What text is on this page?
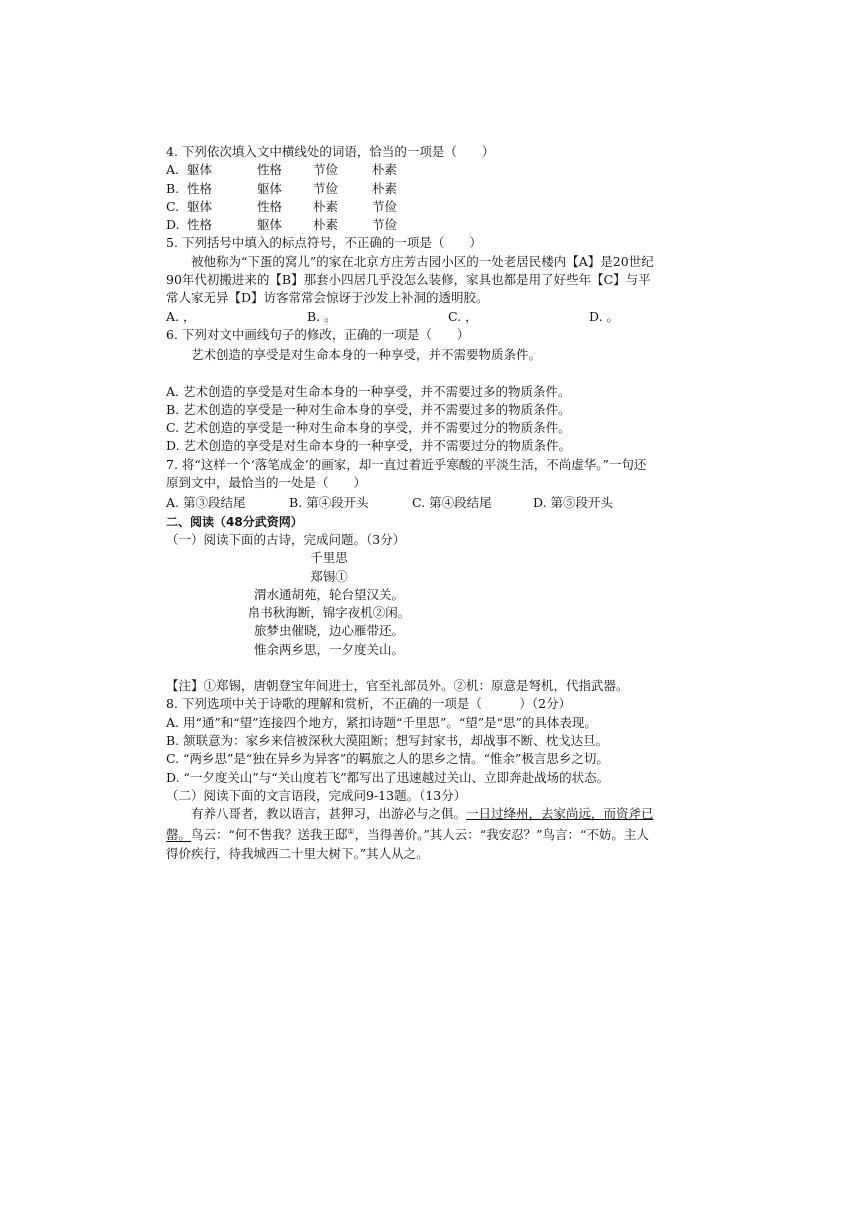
4. 下列依次填入文中横线处的词语，恰当的一项是（　　）
A. 躯体	性格	节俭	朴素
B. 性格	躯体	节俭	朴素
C. 躯体	性格	朴素	节俭
D. 性格	躯体	朴素	节俭
5. 下列括号中填入的标点符号，不正确的一项是（　　）
被他称为“下蛋的窝儿”的家在北京方庄芳古园小区的一处老居民楼内【A】是20世纪90年代初搬进来的【B】那套小四居几乎没怎么装修，家具也都是用了好些年【C】与平常人家无异【D】访客常常会惊讶于沙发上补洞的透明胶。
A. ，	B. 。	C. ，	D. 。
6. 下列对文中画线句子的修改，正确的一项是（　　）
艺术创造的享受是对生命本身的一种享受，并不需要物质条件。
A. 艺术创造的享受是对生命本身的一种享受，并不需要过多的物质条件。
B. 艺术创造的享受是一种对生命本身的享受，并不需要过多的物质条件。
C. 艺术创造的享受是一种对生命本身的享受，并不需要过分的物质条件。
D. 艺术创造的享受是对生命本身的一种享受，并不需要过分的物质条件。
7. 将“这样一个‘落笔成金’的画家，却一直过着近乎寒酸的平淡生活，不尚虚华。”一句还原到文中，最恰当的一处是（　　）
A. 第③段结尾	B. 第④段开头	C. 第④段结尾	D. 第⑤段开头
二、阅读（48分武资网）
（一）阅读下面的古诗，完成问题。（3分）
千里思
郑锡①
渭水通胡苑，轮台望汉关。
帛书秋海断，锦字夜机②闲。
旅梦虫催晓，边心雁带还。
惟余两乡思，一夕度关山。
【注】①郑锡，唐朝登宝年间进士，官至礼部员外。②机：原意是弩机，代指武器。
8. 下列选项中关于诗歌的理解和赏析，不正确的一项是（　　　）（2分）
A. 用“通”和“望”连接四个地方，紧扣诗题“千里思”。“望”是“思”的具体表现。
B. 颔联意为：家乡来信被深秋大漠阻断；想写封家书，却战事不断、枕戈达旦。
C. “两乡思”是“独在异乡为异客”的羁旅之人的思乡之情。“惟余”极言思乡之切。
D. “一夕度关山”与“关山度若飞”都写出了迅速越过关山、立即奔赴战场的状态。
（二）阅读下面的文言语段，完成问9-13题。（13分）
有养八哥者，教以语言，甚狎习，出游必与之俱。一日过绛州，去家尚远，而资斧已罄。鸟云：“何不售我？送我王邸①，当得善价。”其人云：“我安忍？”鸟言：“不妨。主人得价疾行，待我城西二十里大树下。”其人从之。
